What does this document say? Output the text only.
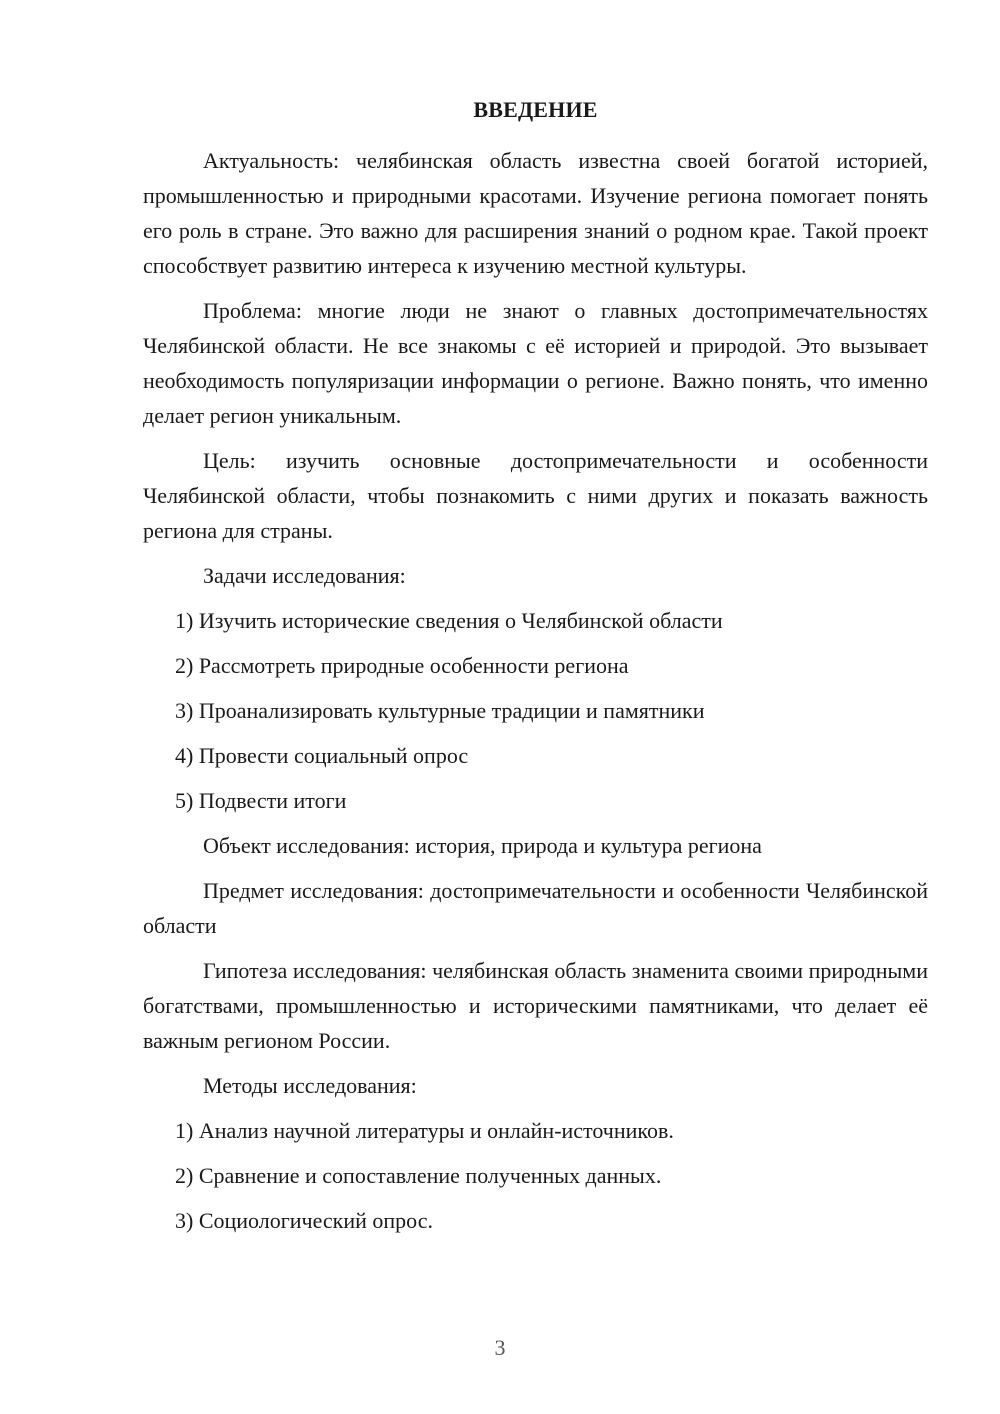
ВВЕДЕНИЕ

Актуальность: челябинская область известна своей богатой историей, промышленностью и природными красотами. Изучение региона помогает понять его роль в стране. Это важно для расширения знаний о родном крае. Такой проект способствует развитию интереса к изучению местной культуры.

Проблема: многие люди не знают о главных достопримечательностях Челябинской области. Не все знакомы с её историей и природой. Это вызывает необходимость популяризации информации о регионе. Важно понять, что именно делает регион уникальным.

Цель: изучить основные достопримечательности и особенности Челябинской области, чтобы познакомить с ними других и показать важность региона для страны.

Задачи исследования:

1) Изучить исторические сведения о Челябинской области
2) Рассмотреть природные особенности региона
3) Проанализировать культурные традиции и памятники
4) Провести социальный опрос
5) Подвести итоги

Объект исследования: история, природа и культура региона

Предмет исследования: достопримечательности и особенности Челябинской области

Гипотеза исследования: челябинская область знаменита своими природными богатствами, промышленностью и историческими памятниками, что делает её важным регионом России.

Методы исследования:

1) Анализ научной литературы и онлайн-источников.
2) Сравнение и сопоставление полученных данных.
3) Социологический опрос.
3
